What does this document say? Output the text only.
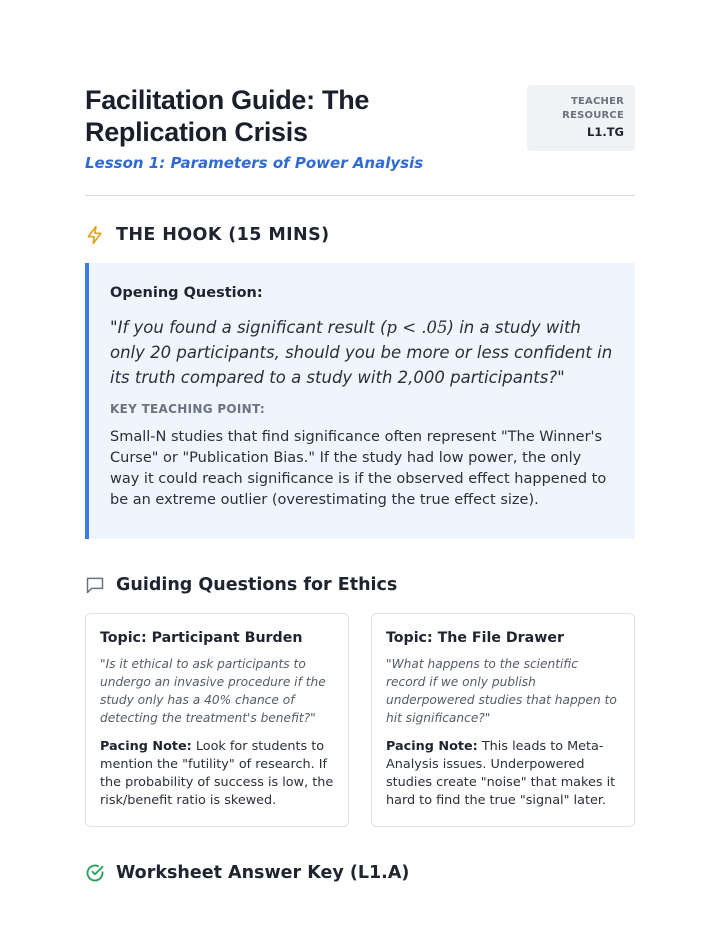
Facilitation Guide: The
Replication Crisis
Lesson 1: Parameters of Power Analysis
TEACHER
RESOURCE
L1.TG
THE HOOK (15 MINS)
Opening Question:
"If you found a significant result (p < .05) in a study with only 20 participants, should you be more or less confident in its truth compared to a study with 2,000 participants?"
KEY TEACHING POINT:
Small-N studies that find significance often represent "The Winner's Curse" or "Publication Bias." If the study had low power, the only way it could reach significance is if the observed effect happened to be an extreme outlier (overestimating the true effect size).
Guiding Questions for Ethics
Topic: Participant Burden
"Is it ethical to ask participants to undergo an invasive procedure if the study only has a 40% chance of detecting the treatment's benefit?"
Pacing Note: Look for students to mention the "futility" of research. If the probability of success is low, the risk/benefit ratio is skewed.
Topic: The File Drawer
"What happens to the scientific record if we only publish underpowered studies that happen to hit significance?"
Pacing Note: This leads to Meta-Analysis issues. Underpowered studies create "noise" that makes it hard to find the true "signal" later.
Worksheet Answer Key (L1.A)
